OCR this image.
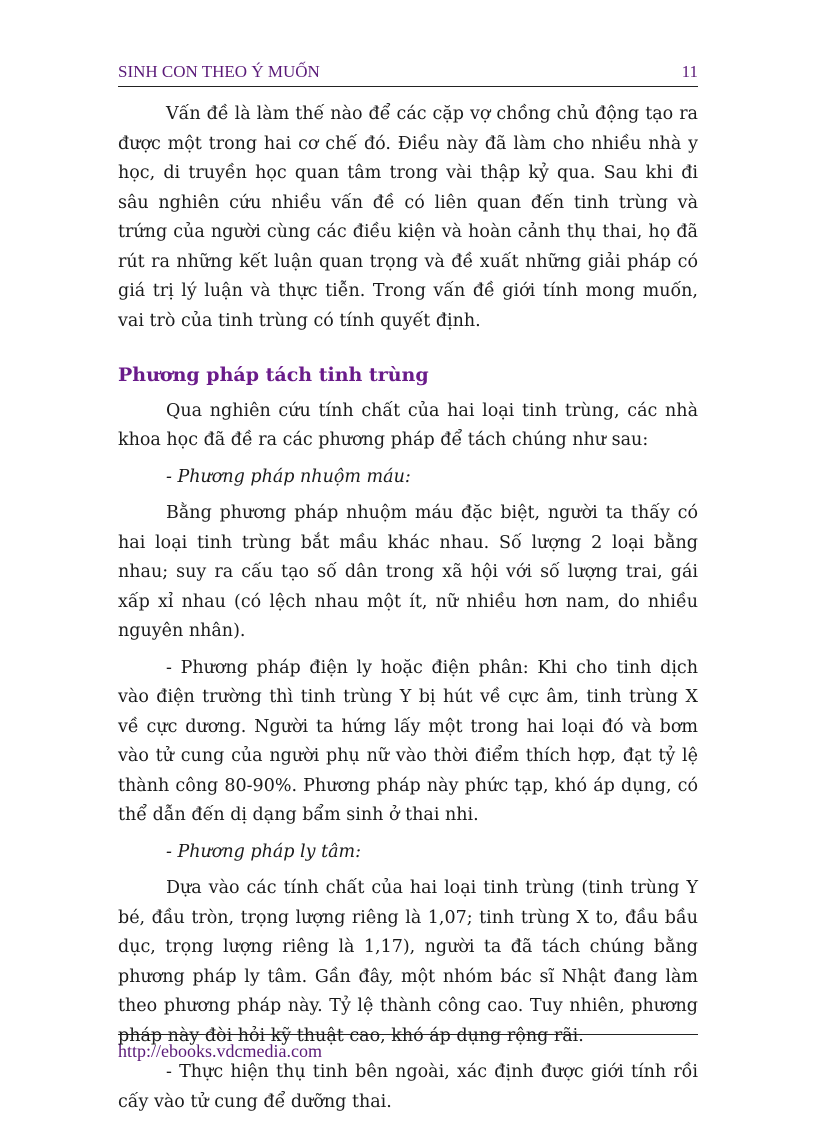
SINH CON THEO Ý MUỐN	11

Vấn đề là làm thế nào để các cặp vợ chồng chủ động tạo ra được một trong hai cơ chế đó. Điều này đã làm cho nhiều nhà y học, di truyền học quan tâm trong vài thập kỷ qua. Sau khi đi sâu nghiên cứu nhiều vấn đề có liên quan đến tinh trùng và trứng của người cùng các điều kiện và hoàn cảnh thụ thai, họ đã rút ra những kết luận quan trọng và đề xuất những giải pháp có giá trị lý luận và thực tiễn. Trong vấn đề giới tính mong muốn, vai trò của tinh trùng có tính quyết định.

Phương pháp tách tinh trùng

Qua nghiên cứu tính chất của hai loại tinh trùng, các nhà khoa học đã đề ra các phương pháp để tách chúng như sau:

- Phương pháp nhuộm máu:

Bằng phương pháp nhuộm máu đặc biệt, người ta thấy có hai loại tinh trùng bắt mầu khác nhau. Số lượng 2 loại bằng nhau; suy ra cấu tạo số dân trong xã hội với số lượng trai, gái xấp xỉ nhau (có lệch nhau một ít, nữ nhiều hơn nam, do nhiều nguyên nhân).

- Phương pháp điện ly hoặc điện phân: Khi cho tinh dịch vào điện trường thì tinh trùng Y bị hút về cực âm, tinh trùng X về cực dương. Người ta hứng lấy một trong hai loại đó và bơm vào tử cung của người phụ nữ vào thời điểm thích hợp, đạt tỷ lệ thành công 80-90%. Phương pháp này phức tạp, khó áp dụng, có thể dẫn đến dị dạng bẩm sinh ở thai nhi.

- Phương pháp ly tâm:

Dựa vào các tính chất của hai loại tinh trùng (tinh trùng Y bé, đầu tròn, trọng lượng riêng là 1,07; tinh trùng X to, đầu bầu dục, trọng lượng riêng là 1,17), người ta đã tách chúng bằng phương pháp ly tâm. Gần đây, một nhóm bác sĩ Nhật đang làm theo phương pháp này. Tỷ lệ thành công cao. Tuy nhiên, phương pháp này đòi hỏi kỹ thuật cao, khó áp dụng rộng rãi.

- Thực hiện thụ tinh bên ngoài, xác định được giới tính rồi cấy vào tử cung để dưỡng thai.

http://ebooks.vdcmedia.com
